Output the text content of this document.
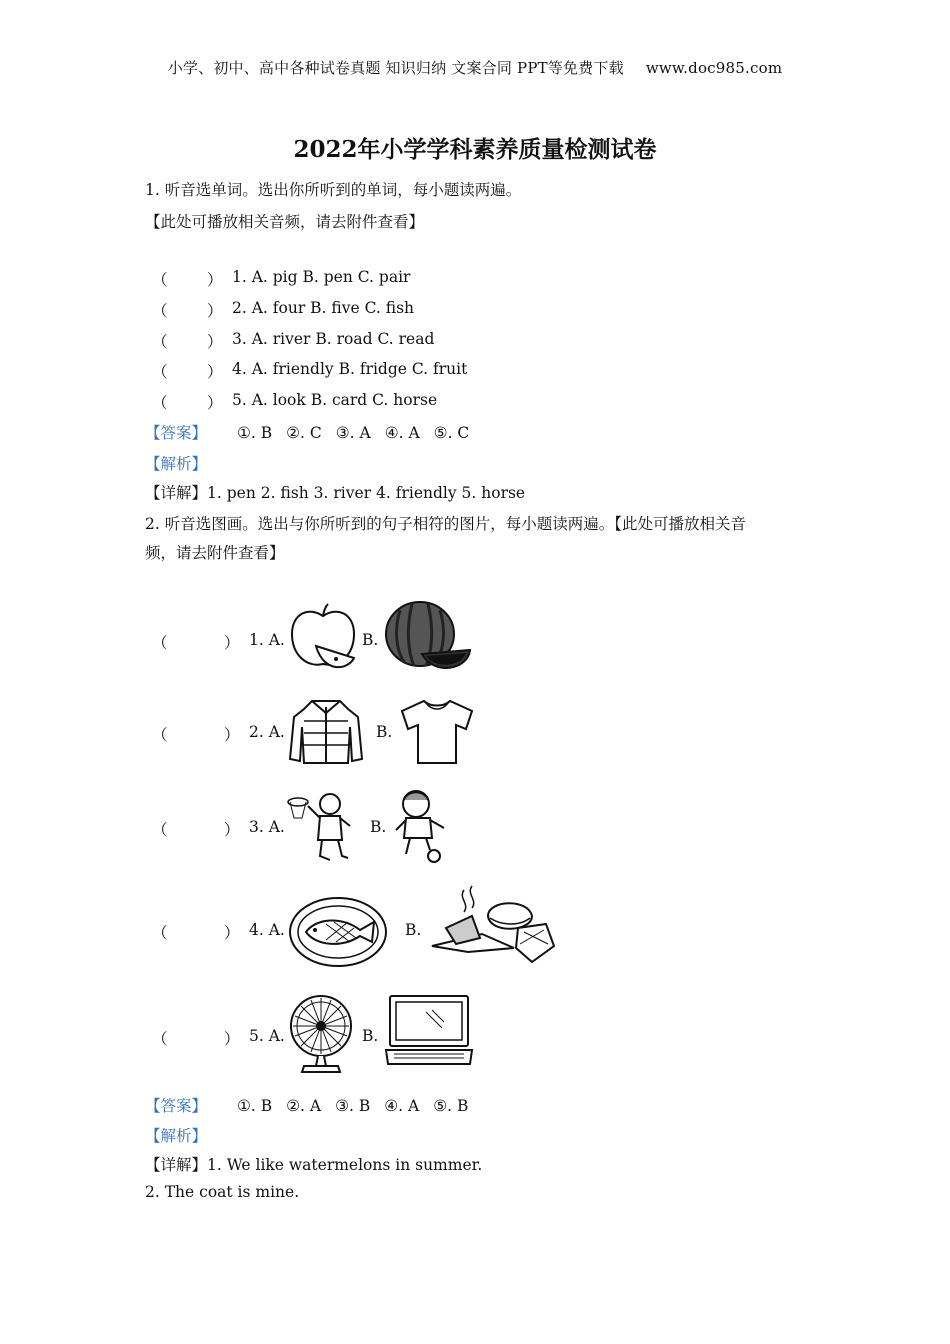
小学、初中、高中各种试卷真题 知识归纳 文案合同 PPT等免费下载 www.doc985.com
2022年小学学科素养质量检测试卷
1. 听音选单词。选出你所听到的单词，每小题读两遍。
【此处可播放相关音频，请去附件查看】
（	） 1. A. pig B. pen C. pair
（	） 2. A. four B. five C. fish
（	） 3. A. river B. road C. read
（	） 4. A. friendly B. fridge C. fruit
（	） 5. A. look B. card C. horse
【答案】 ①. B ②. C ③. A ④. A ⑤. C
【解析】
【详解】1. pen 2. fish 3. river 4. friendly 5. horse
2. 听音选图画。选出与你所听到的句子相符的图片，每小题读两遍。【此处可播放相关音
频，请去附件查看】
（	） 1. A.	B.
（	） 2. A.	B.
（	） 3. A.	B.
（	） 4. A.	B.
（	） 5. A.	B.
【答案】 ①. B ②. A ③. B ④. A ⑤. B
【解析】
【详解】1. We like watermelons in summer.
2. The coat is mine.
